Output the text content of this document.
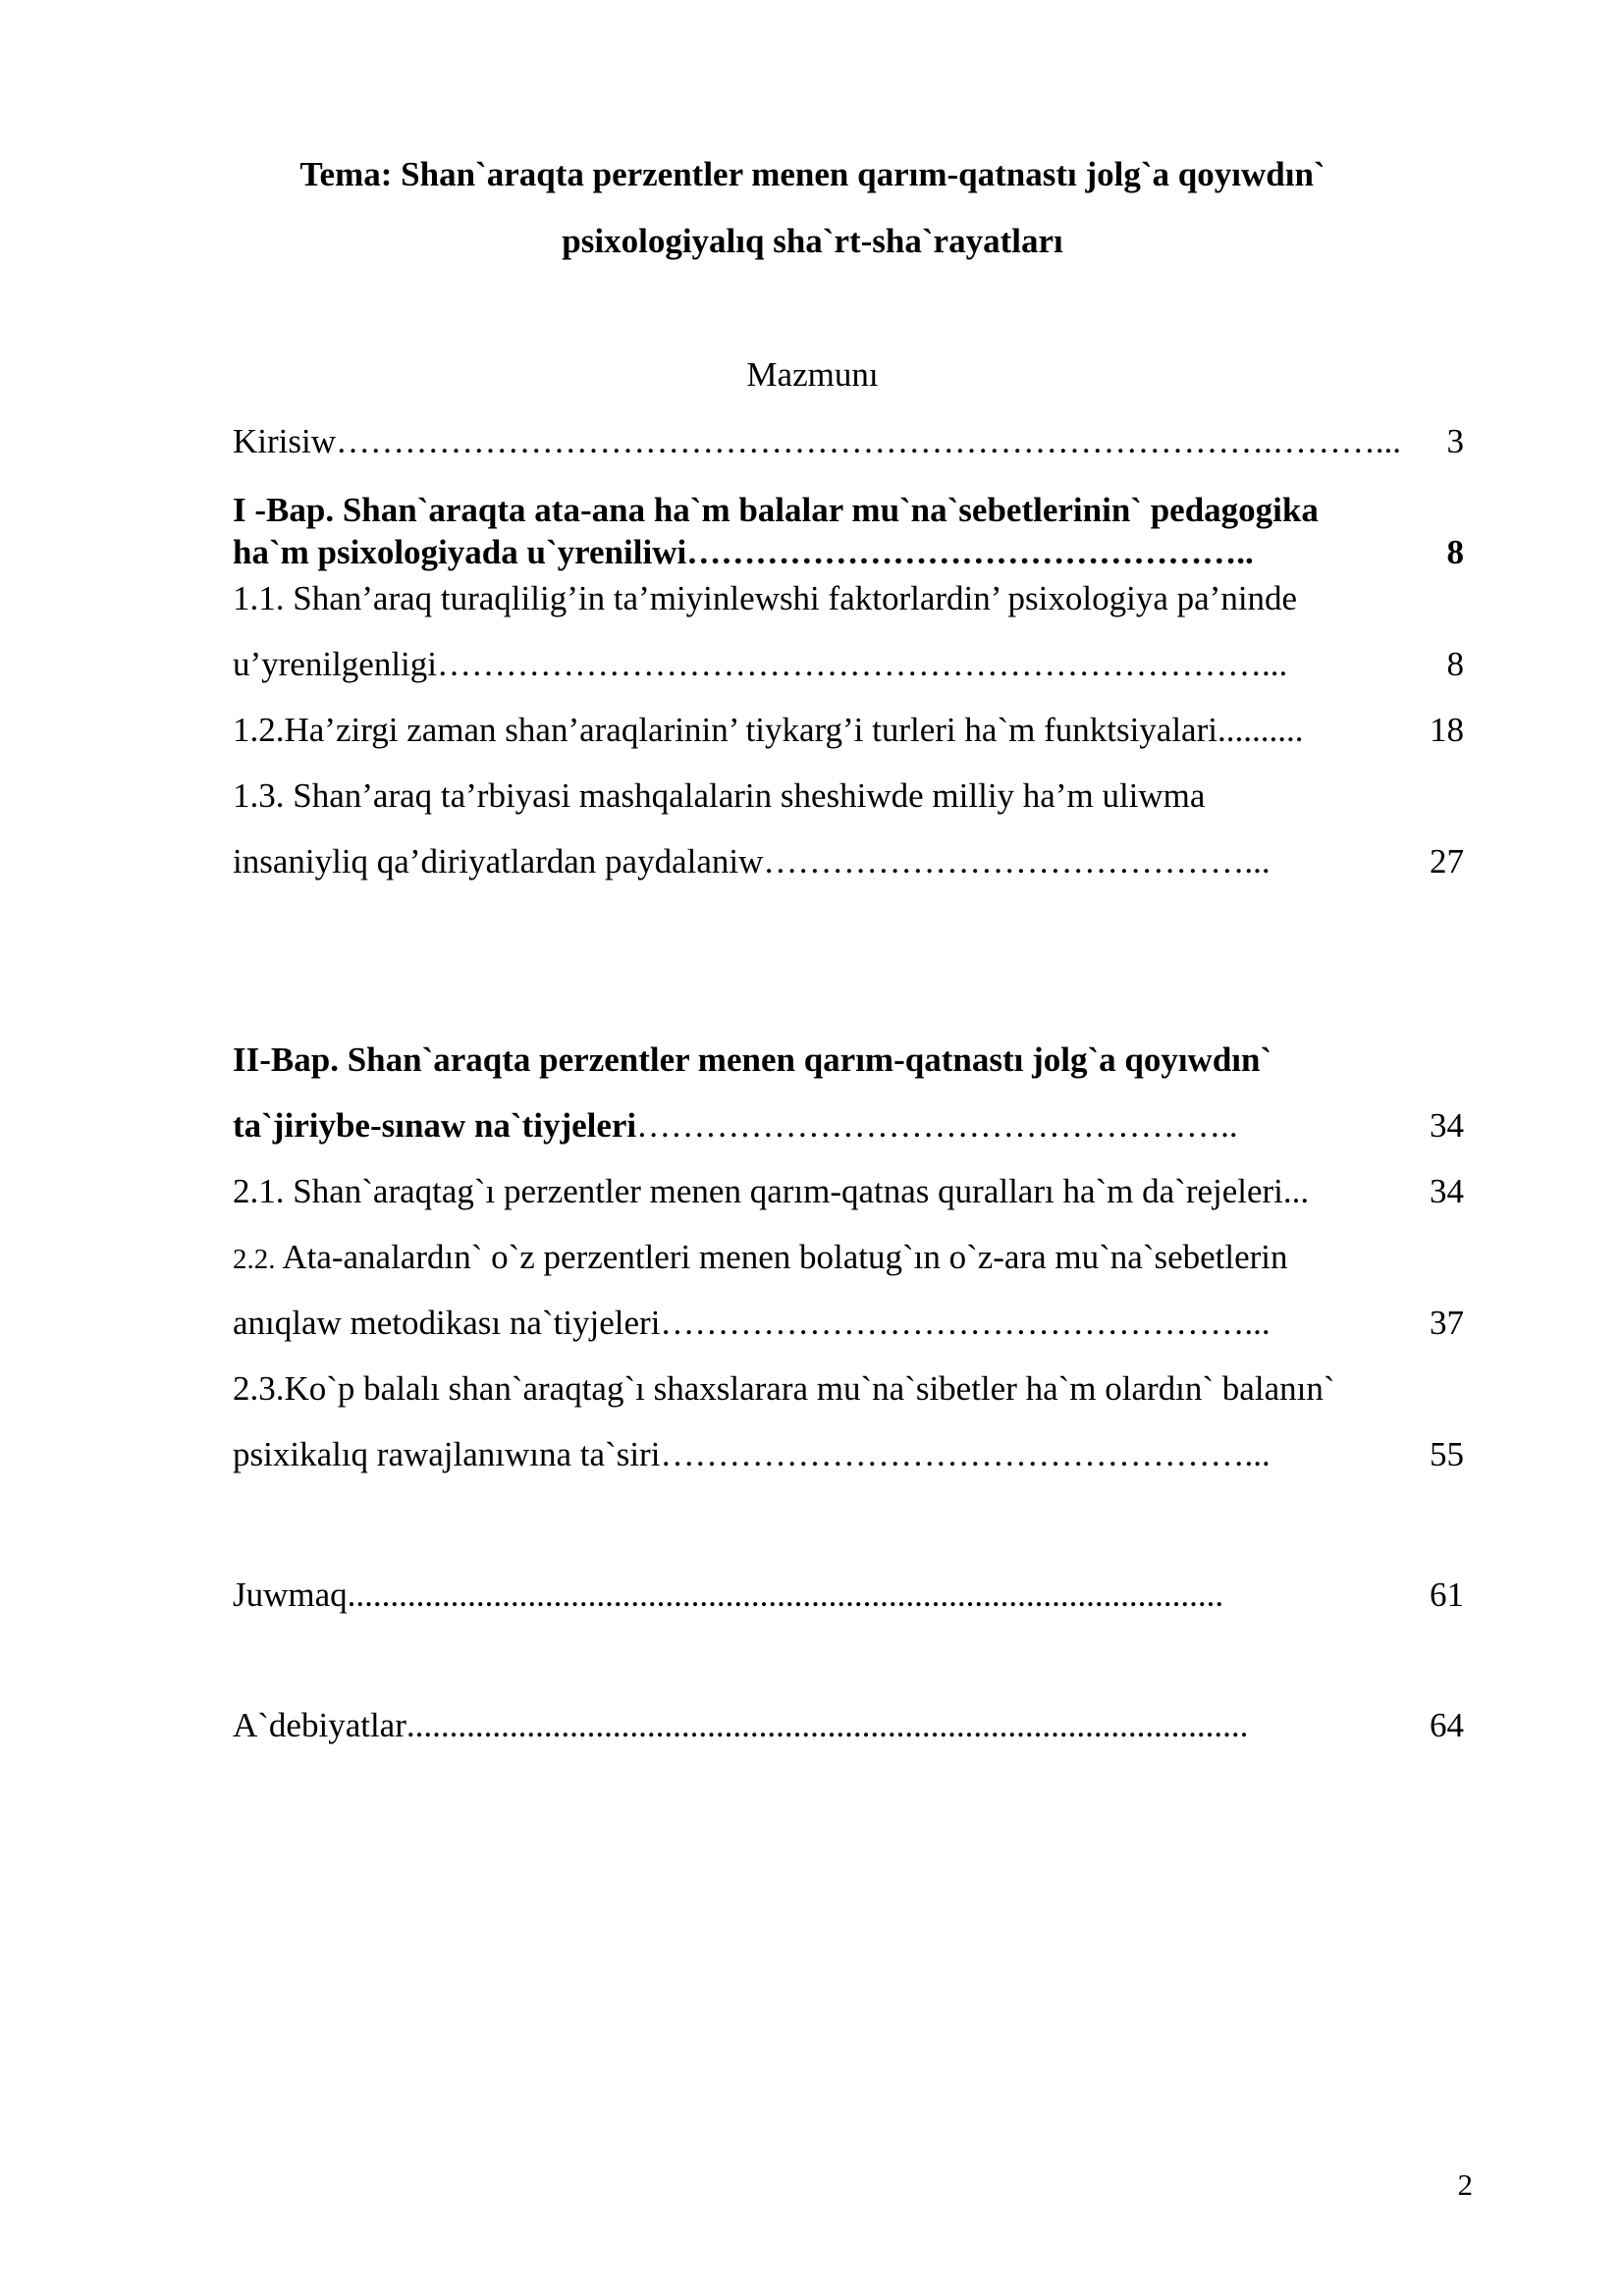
Tema: Shan`araqta perzentler menen qarım-qatnastı jolg`a qoyıwdın`
psixologiyalıq sha`rt-sha`rayatları
Mazmunı
Kirisiw ……………………………………………………………………….………...	3
I -Bap. Shan`araqta ata-ana ha`m balalar mu`na`sebetlerinin` pedagogika
ha`m psixologiyada u`yreniliwi …………………………………………..	8
1.1. Shan’araq turaqlilig’in ta’miyinlewshi faktorlardin’ psixologiya pa’ninde
u’yrenilgenligi ………………………………………………………………...	8
1.2.Ha’zirgi zaman shan’araqlarinin’ tiykarg’i turleri ha`m funktsiyalari ..........	18
1.3. Shan’araq ta’rbiyasi mashqalalarin sheshiwde milliy ha’m uliwma
insaniyliq qa’diriyatlardan paydalaniw ……………………………………...	27
II-Bap. Shan`araqta perzentler menen qarım-qatnastı jolg`a qoyıwdın`
ta`jiriybe-sınaw na`tiyjeleri ……………………………………………..	34
2.1. Shan`araqtag`ı perzentler menen qarım-qatnas quralları ha`m da`rejeleri ...	34
2.2. Ata-analardın` o`z perzentleri menen bolatug`ın o`z-ara mu`na`sebetlerin
anıqlaw metodikası na`tiyjeleri ……………………………………………...	37
2.3.Ko`p balalı shan`araqtag`ı shaxslarara mu`na`sibetler ha`m olardın` balanın`
psixikalıq rawajlanıwına ta`siri ……………………………………………...	55
Juwmaq ......................................................................................................	61
A`debiyatlar ..................................................................................................	64
2
